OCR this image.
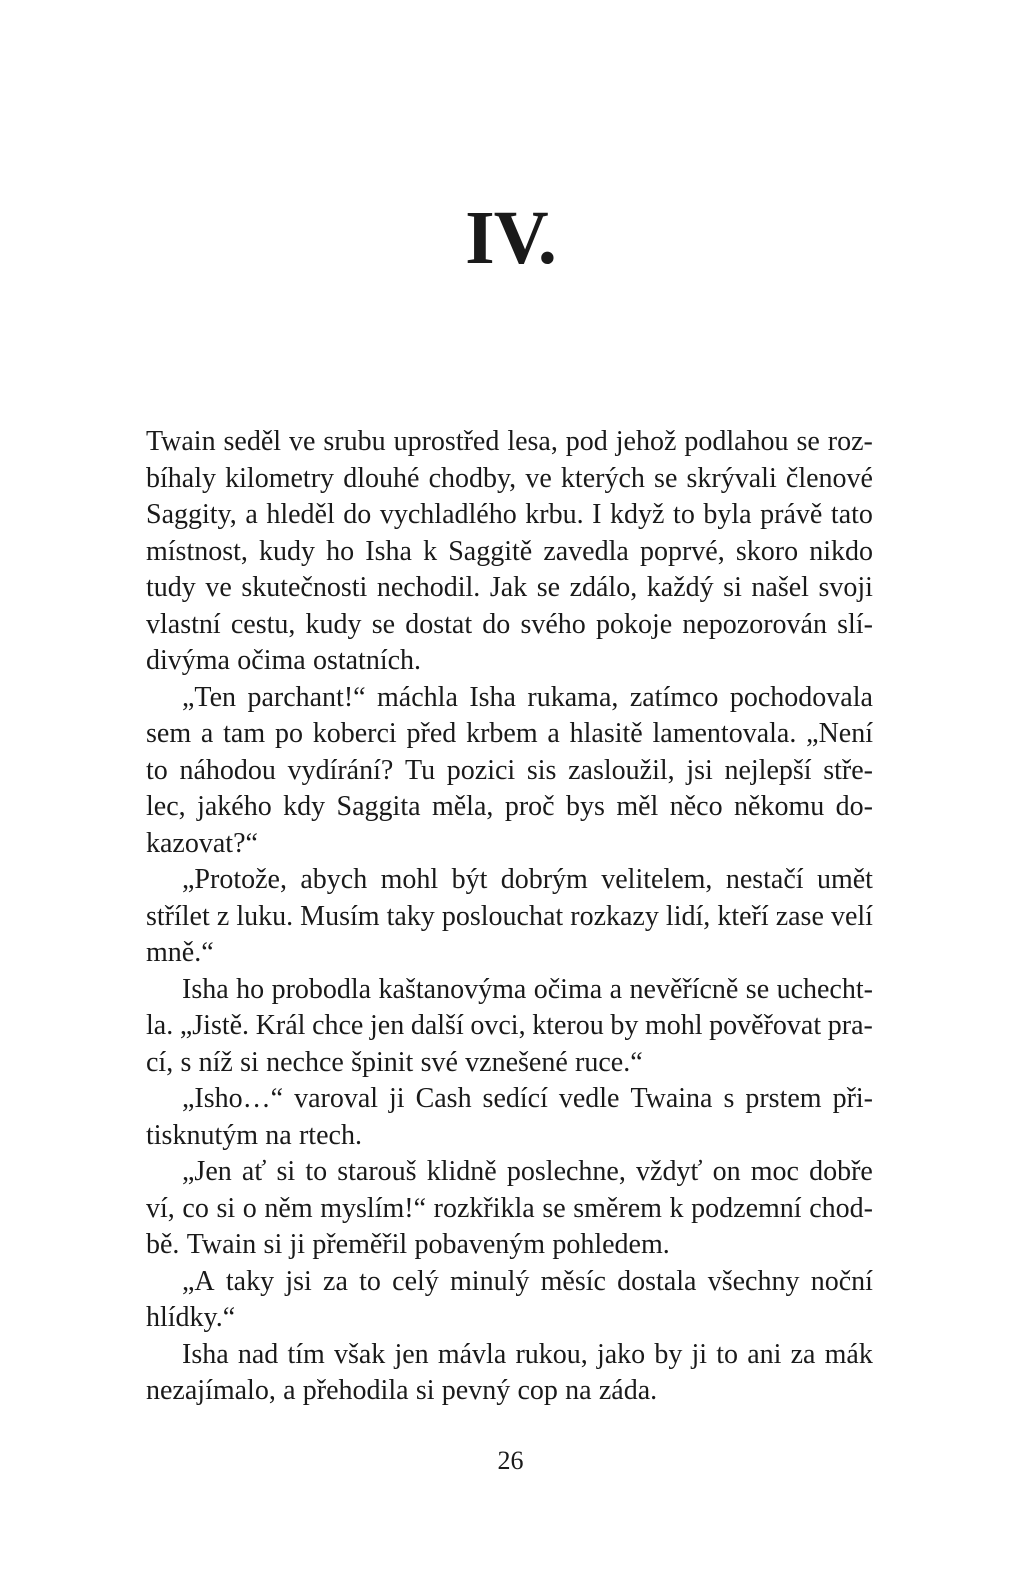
IV.
Twain seděl ve srubu uprostřed lesa, pod jehož podlahou se roz-
bíhaly kilometry dlouhé chodby, ve kterých se skrývali členové
Saggity, a hleděl do vychladlého krbu. I když to byla právě tato
místnost, kudy ho Isha k Saggitě zavedla poprvé, skoro nikdo
tudy ve skutečnosti nechodil. Jak se zdálo, každý si našel svoji
vlastní cestu, kudy se dostat do svého pokoje nepozorován slí-
divýma očima ostatních.
„Ten parchant!“ máchla Isha rukama, zatímco pochodovala
sem a tam po koberci před krbem a hlasitě lamentovala. „Není
to náhodou vydírání? Tu pozici sis zasloužil, jsi nejlepší stře-
lec, jakého kdy Saggita měla, proč bys měl něco někomu do-
kazovat?“
„Protože, abych mohl být dobrým velitelem, nestačí umět
střílet z luku. Musím taky poslouchat rozkazy lidí, kteří zase velí
mně.“
Isha ho probodla kaštanovýma očima a nevěřícně se uchecht-
la. „Jistě. Král chce jen další ovci, kterou by mohl pověřovat pra-
cí, s níž si nechce špinit své vznešené ruce.“
„Isho…“ varoval ji Cash sedící vedle Twaina s prstem při-
tisknutým na rtech.
„Jen ať si to starouš klidně poslechne, vždyť on moc dobře
ví, co si o něm myslím!“ rozkřikla se směrem k podzemní chod-
bě. Twain si ji přeměřil pobaveným pohledem.
„A taky jsi za to celý minulý měsíc dostala všechny noční
hlídky.“
Isha nad tím však jen mávla rukou, jako by ji to ani za mák
nezajímalo, a přehodila si pevný cop na záda.
26
